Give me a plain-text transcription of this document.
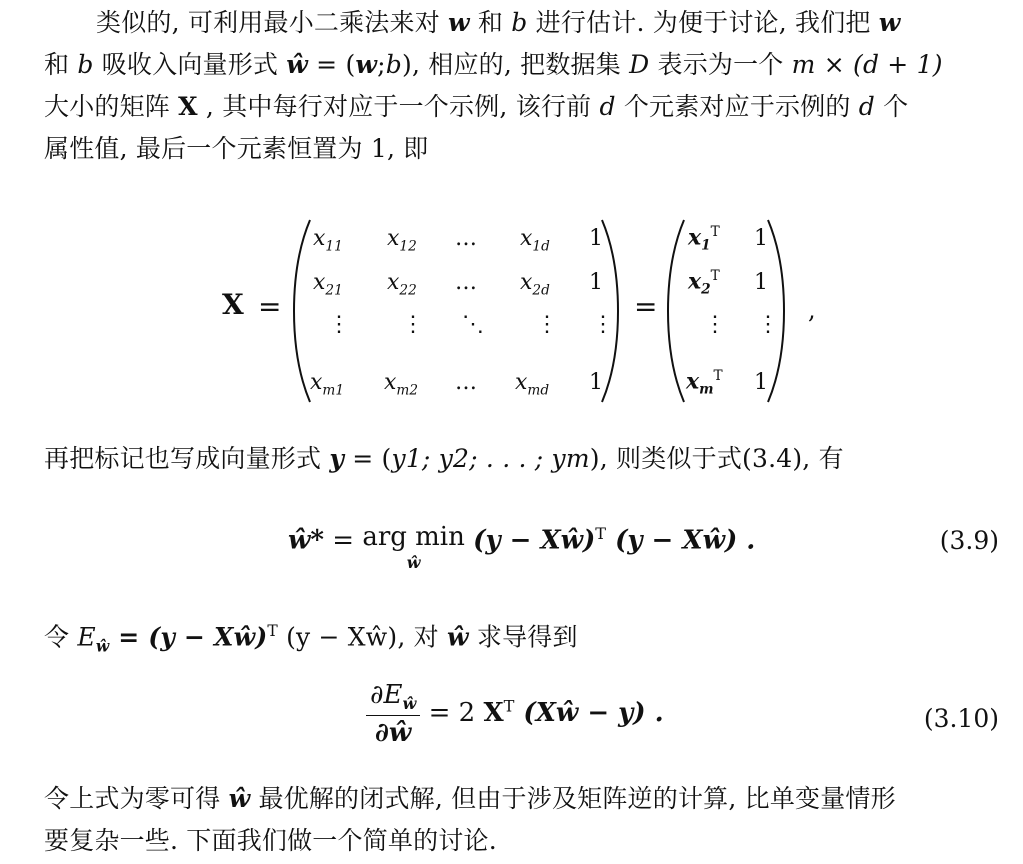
类似的, 可利用最小二乘法来对 w 和 b 进行估计. 为便于讨论, 我们把 w
和 b 吸收入向量形式 ŵ = (w;b), 相应的, 把数据集 D 表示为一个 m × (d + 1)
大小的矩阵 X , 其中每行对应于一个示例, 该行前 d 个元素对应于示例的 d 个
属性值, 最后一个元素恒置为 1, 即
X =
$x_{11}$ $x_{12}$ … $x_{1d}$ 1
$x_{21}$ $x_{22}$ … $x_{2d}$ 1
⋮ ⋮ ⋱ ⋮ ⋮
$x_{m1}$ $x_{m2}$ … $x_{md}$ 1
=
$x_1^T$ 1
$x_2^T$ 1
⋮ ⋮
$x_m^T$ 1
,
再把标记也写成向量形式 y = (y1; y2; . . . ; ym), 则类似于式(3.4), 有
ŵ* = arg min
ŵ
(y − Xŵ)$^T$ (y − Xŵ) .	(3.9)
令 $E_ŵ = (y$ − Xŵ)$^T$ (y − Xŵ), 对 ŵ 求导得到
$\frac{\partial E_ŵ}{\partial ŵ} = 2$ $X^T$ (Xŵ − y) .	(3.10)
令上式为零可得 ŵ 最优解的闭式解, 但由于涉及矩阵逆的计算, 比单变量情形
要复杂一些. 下面我们做一个简单的讨论.
